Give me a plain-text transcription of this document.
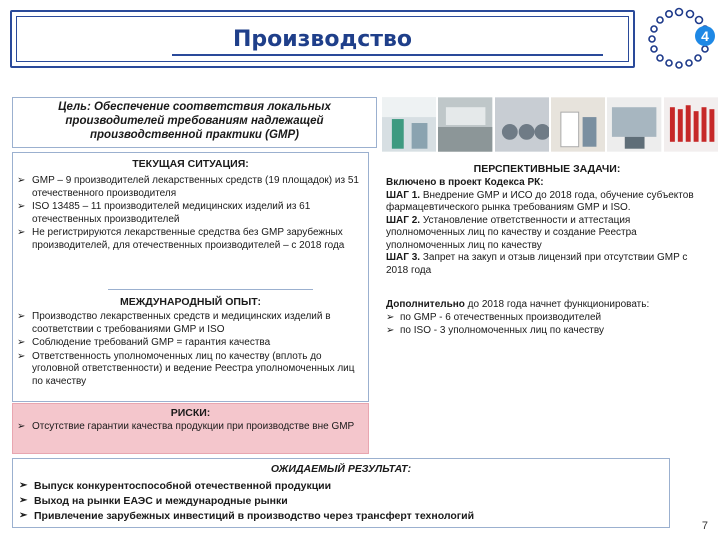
Производство	4
Цель: Обеспечение соответствия локальных производителей требованиям надлежащей производственной практики (GMP)
ТЕКУЩАЯ СИТУАЦИЯ:
➢ GMP – 9 производителей лекарственных средств (19 площадок) из 51 отечественного производителя
➢ ISO 13485 – 11 производителей медицинских изделий из 61 отечественных производителей
➢ Не регистрируются лекарственные средства без GMP зарубежных производителей, для отечественных производителей – с 2018 года
МЕЖДУНАРОДНЫЙ ОПЫТ:
➢ Производство лекарственных средств и медицинских изделий в соответствии с требованиями GMP и ISO
➢ Соблюдение требований GMP = гарантия качества
➢ Ответственность уполномоченных лиц по качеству (вплоть до уголовной ответственности) и ведение Реестра уполномоченных лиц по качеству
РИСКИ:
➢ Отсутствие гарантии качества продукции при производстве вне GMP
ПЕРСПЕКТИВНЫЕ ЗАДАЧИ:
Включено в проект Кодекса РК:
ШАГ 1. Внедрение GMP и ИСО до 2018 года, обучение субъектов фармацевтического рынка требованиям GMP и ISO.
ШАГ 2. Установление ответственности и аттестация уполномоченных лиц по качеству и создание Реестра уполномоченных лиц по качеству
ШАГ 3. Запрет на закуп и отзыв лицензий при отсутствии GMP с 2018 года
Дополнительно до 2018 года начнет функционировать:
➢ по GMP - 6 отечественных производителей
➢ по ISO - 3 уполномоченных лиц по качеству
ОЖИДАЕМЫЙ РЕЗУЛЬТАТ:
➢ Выпуск конкурентоспособной отечественной продукции
➢ Выход на рынки ЕАЭС и международные рынки
➢ Привлечение зарубежных инвестиций в производство через трансферт технологий
7
